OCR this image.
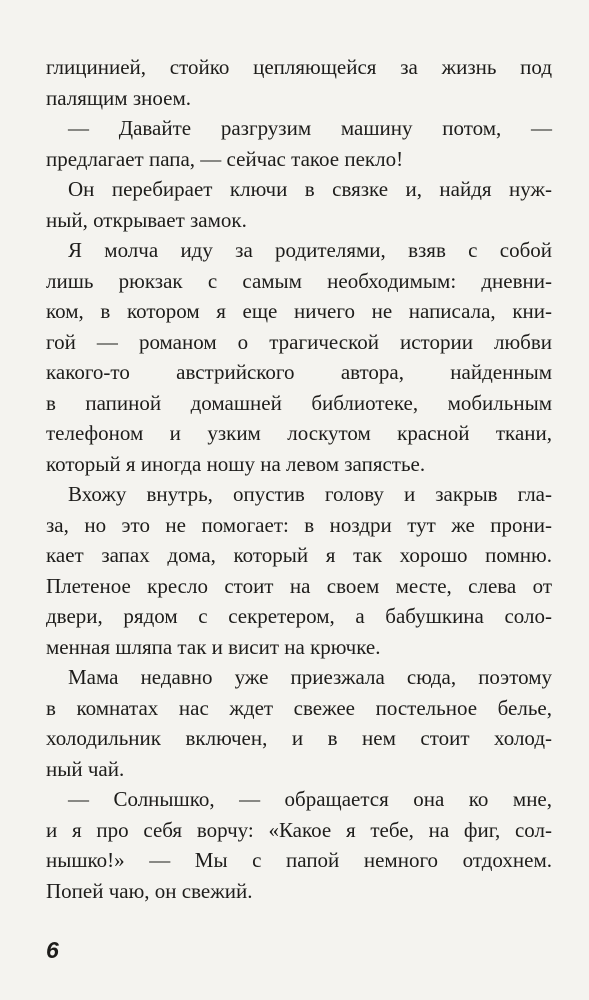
глицинией, стойко цепляющейся за жизнь под
палящим зноем.
— Давайте разгрузим машину потом, —
предлагает папа, — сейчас такое пекло!
Он перебирает ключи в связке и, найдя нуж-
ный, открывает замок.
Я молча иду за родителями, взяв с собой
лишь рюкзак с самым необходимым: дневни-
ком, в котором я еще ничего не написала, кни-
гой — романом о трагической истории любви
какого-то австрийского автора, найденным
в папиной домашней библиотеке, мобильным
телефоном и узким лоскутом красной ткани,
который я иногда ношу на левом запястье.
Вхожу внутрь, опустив голову и закрыв гла-
за, но это не помогает: в ноздри тут же прони-
кает запах дома, который я так хорошо помню.
Плетеное кресло стоит на своем месте, слева от
двери, рядом с секретером, а бабушкина соло-
менная шляпа так и висит на крючке.
Мама недавно уже приезжала сюда, поэтому
в комнатах нас ждет свежее постельное белье,
холодильник включен, и в нем стоит холод-
ный чай.
— Солнышко, — обращается она ко мне,
и я про себя ворчу: «Какое я тебе, на фиг, сол-
нышко!» — Мы с папой немного отдохнем.
Попей чаю, он свежий.
6
